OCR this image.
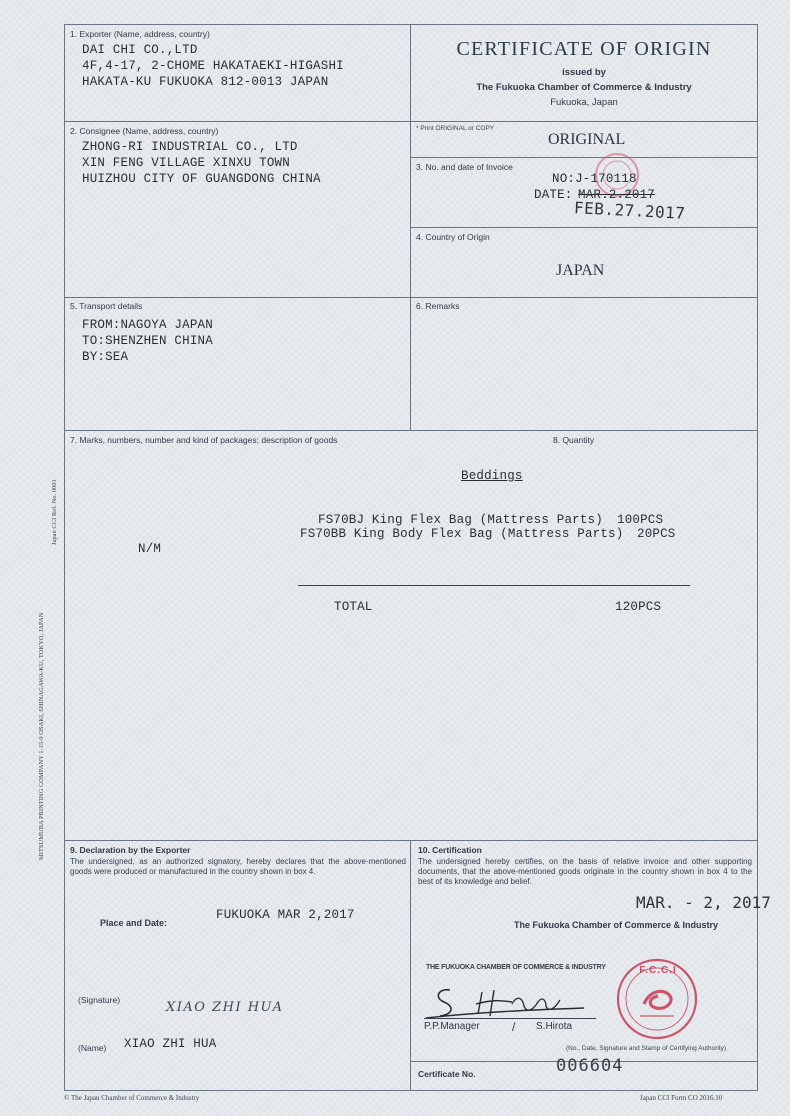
1. Exporter (Name, address, country)
DAI CHI CO.,LTD
4F,4-17, 2-CHOME HAKATAEKI-HIGASHI
HAKATA-KU FUKUOKA 812-0013 JAPAN
CERTIFICATE OF ORIGIN
issued by
The Fukuoka Chamber of Commerce & Industry
Fukuoka, Japan
2. Consignee (Name, address, country)
ZHONG-RI INDUSTRIAL CO., LTD
XIN FENG VILLAGE XINXU TOWN
HUIZHOU CITY OF GUANGDONG CHINA
* Print ORIGINAL or COPY
ORIGINAL
3. No. and date of Invoice
NO:J-170118
DATE: MAR.2.2017
FEB.27.2017
4. Country of Origin
JAPAN
5. Transport details
FROM:NAGOYA JAPAN
TO:SHENZHEN CHINA
BY:SEA
6. Remarks
7. Marks, numbers, number and kind of packages; description of goods	8. Quantity
Beddings
FS70BJ King Flex Bag (Mattress Parts) 100PCS
FS70BB King Body Flex Bag (Mattress Parts) 20PCS
N/M
TOTAL	120PCS
9. Declaration by the Exporter
The undersigned, as an authorized signatory, hereby declares that the above-mentioned goods were produced or manufactured in the country shown in box 4.
Place and Date:
FUKUOKA MAR 2,2017
(Signature)	XIAO ZHI HUA
(Name) XIAO ZHI HUA
10. Certification
The undersigned hereby certifies, on the basis of relative invoice and other supporting documents, that the above-mentioned goods originate in the country shown in box 4 to the best of its knowledge and belief.
MAR. - 2, 2017
The Fukuoka Chamber of Commerce & Industry
THE FUKUOKA CHAMBER OF COMMERCE & INDUSTRY
P.P.Manager	/ S.Hirota
F.C.C.I
(No., Date, Signature and Stamp of Certifying Authority)
Certificate No.	006604
MITSUMURA PRINTING COMPANY 1-15-9 OSAKI, SHINAGAWA-KU, TOKYO, JAPAN
Japan CCI Ref. No. 0001
© The Japan Chamber of Commerce & Industry	Japan CCI Form CO 2016.10
